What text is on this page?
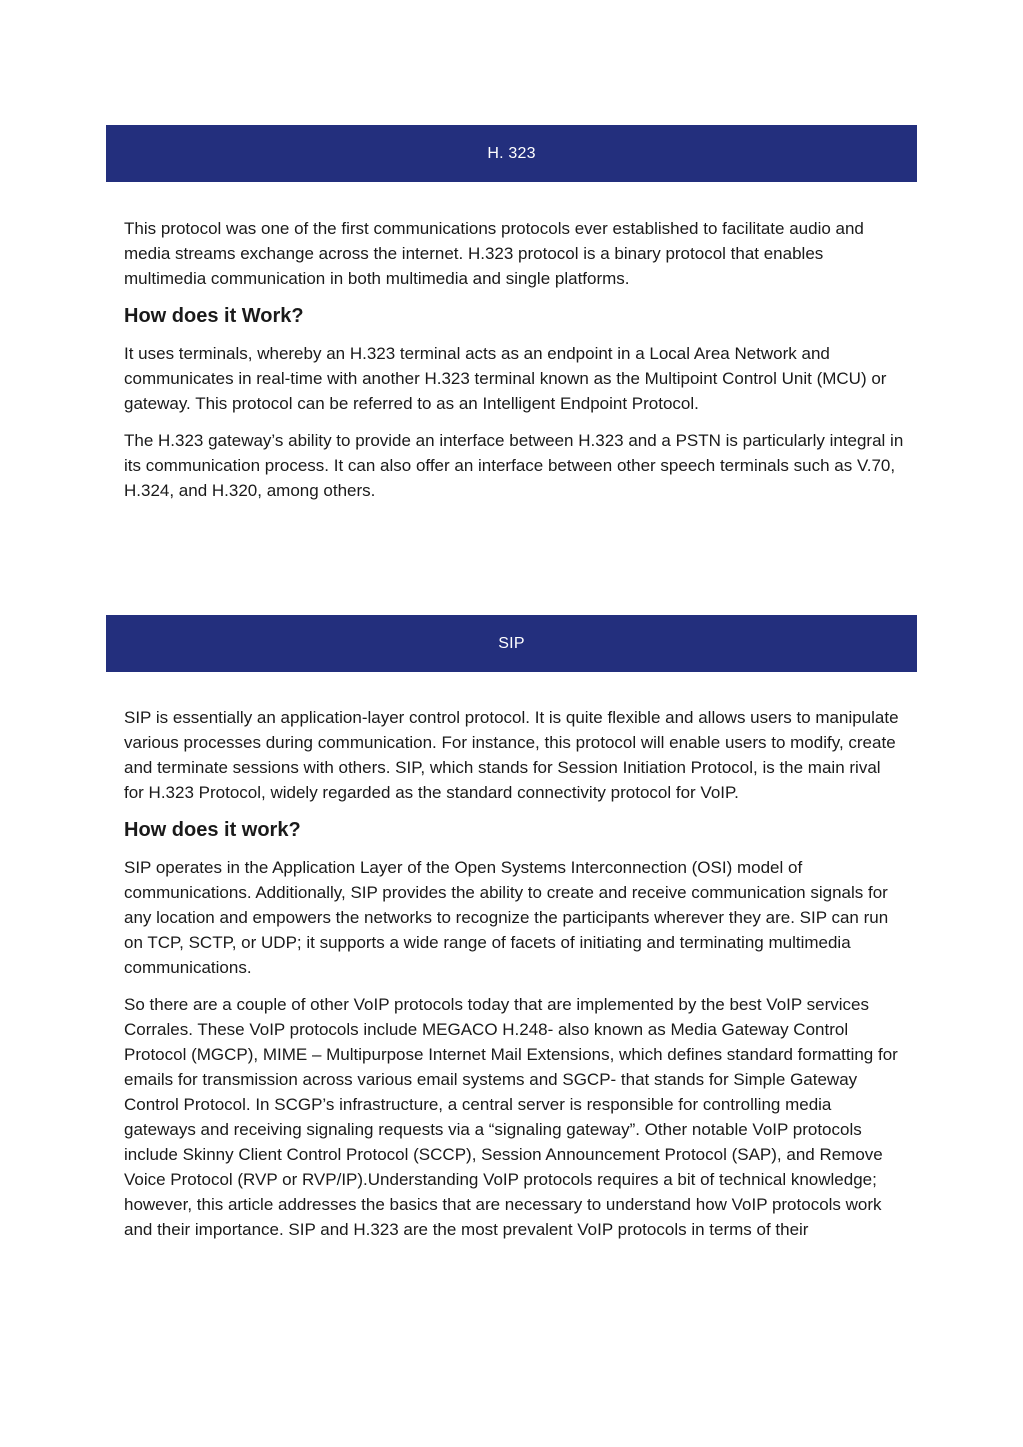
H. 323

This protocol was one of the first communications protocols ever established to facilitate audio and media streams exchange across the internet. H.323 protocol is a binary protocol that enables multimedia communication in both multimedia and single platforms.

How does it Work?

It uses terminals, whereby an H.323 terminal acts as an endpoint in a Local Area Network and communicates in real-time with another H.323 terminal known as the Multipoint Control Unit (MCU) or gateway. This protocol can be referred to as an Intelligent Endpoint Protocol.

The H.323 gateway’s ability to provide an interface between H.323 and a PSTN is particularly integral in its communication process. It can also offer an interface between other speech terminals such as V.70, H.324, and H.320, among others.

SIP

SIP is essentially an application-layer control protocol. It is quite flexible and allows users to manipulate various processes during communication. For instance, this protocol will enable users to modify, create and terminate sessions with others. SIP, which stands for Session Initiation Protocol, is the main rival for H.323 Protocol, widely regarded as the standard connectivity protocol for VoIP.

How does it work?

SIP operates in the Application Layer of the Open Systems Interconnection (OSI) model of communications. Additionally, SIP provides the ability to create and receive communication signals for any location and empowers the networks to recognize the participants wherever they are. SIP can run on TCP, SCTP, or UDP; it supports a wide range of facets of initiating and terminating multimedia communications.

So there are a couple of other VoIP protocols today that are implemented by the best VoIP services Corrales. These VoIP protocols include MEGACO H.248- also known as Media Gateway Control Protocol (MGCP), MIME – Multipurpose Internet Mail Extensions, which defines standard formatting for emails for transmission across various email systems and SGCP- that stands for Simple Gateway Control Protocol. In SCGP’s infrastructure, a central server is responsible for controlling media gateways and receiving signaling requests via a “signaling gateway”. Other notable VoIP protocols include Skinny Client Control Protocol (SCCP), Session Announcement Protocol (SAP), and Remove Voice Protocol (RVP or RVP/IP).Understanding VoIP protocols requires a bit of technical knowledge; however, this article addresses the basics that are necessary to understand how VoIP protocols work and their importance. SIP and H.323 are the most prevalent VoIP protocols in terms of their
